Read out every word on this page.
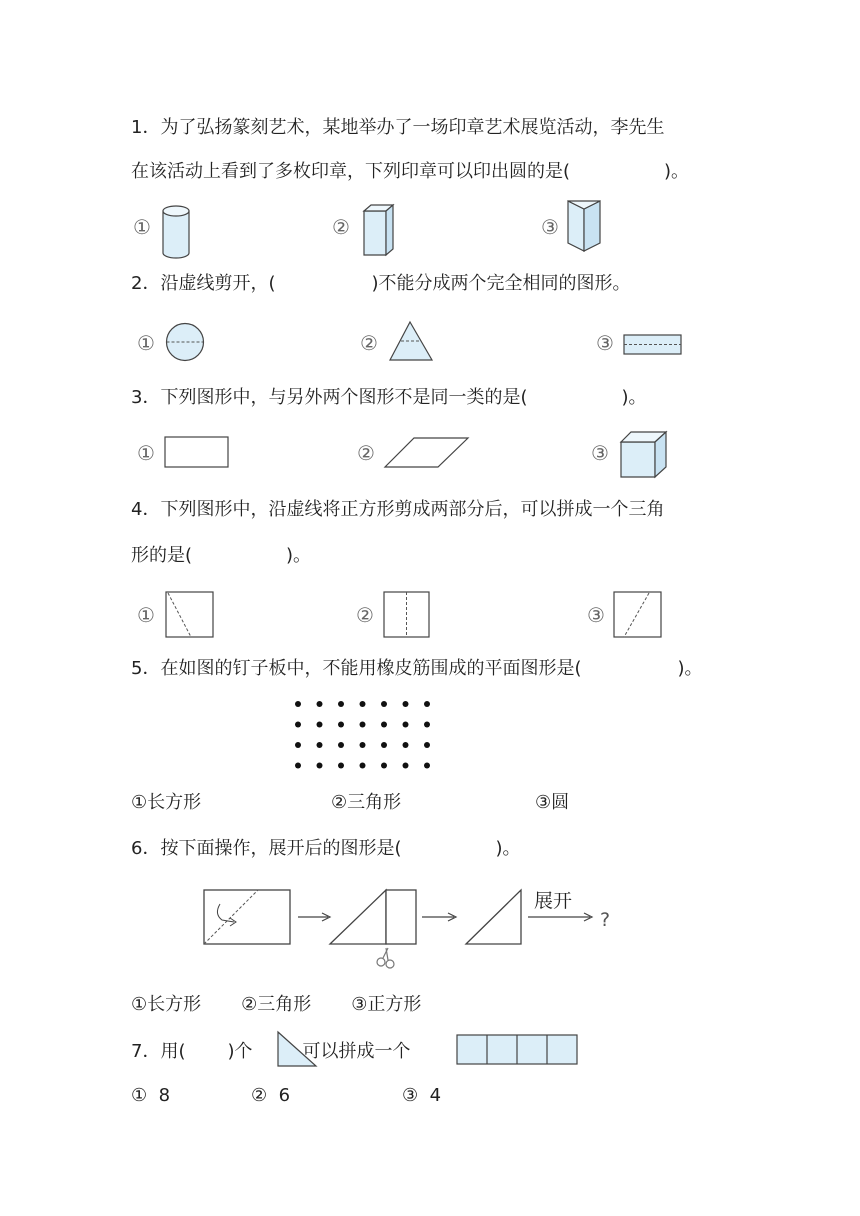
1．为了弘扬篆刻艺术，某地举办了一场印章艺术展览活动，李先生
在该活动上看到了多枚印章，下列印章可以印出圆的是(	)。
①	②	③
2．沿虚线剪开，(	)不能分成两个完全相同的图形。
①	②	③
3．下列图形中，与另外两个图形不是同一类的是(	)。
①	②	③
4．下列图形中，沿虚线将正方形剪成两部分后，可以拼成一个三角
形的是(	)。
①	②	③
5．在如图的钉子板中，不能用橡皮筋围成的平面图形是(	)。
①长方形	②三角形	③圆
6．按下面操作，展开后的图形是(	)。
展开
?
①长方形 ②三角形 ③正方形
7．用( )个	可以拼成一个
①  8	②  6	③  4
